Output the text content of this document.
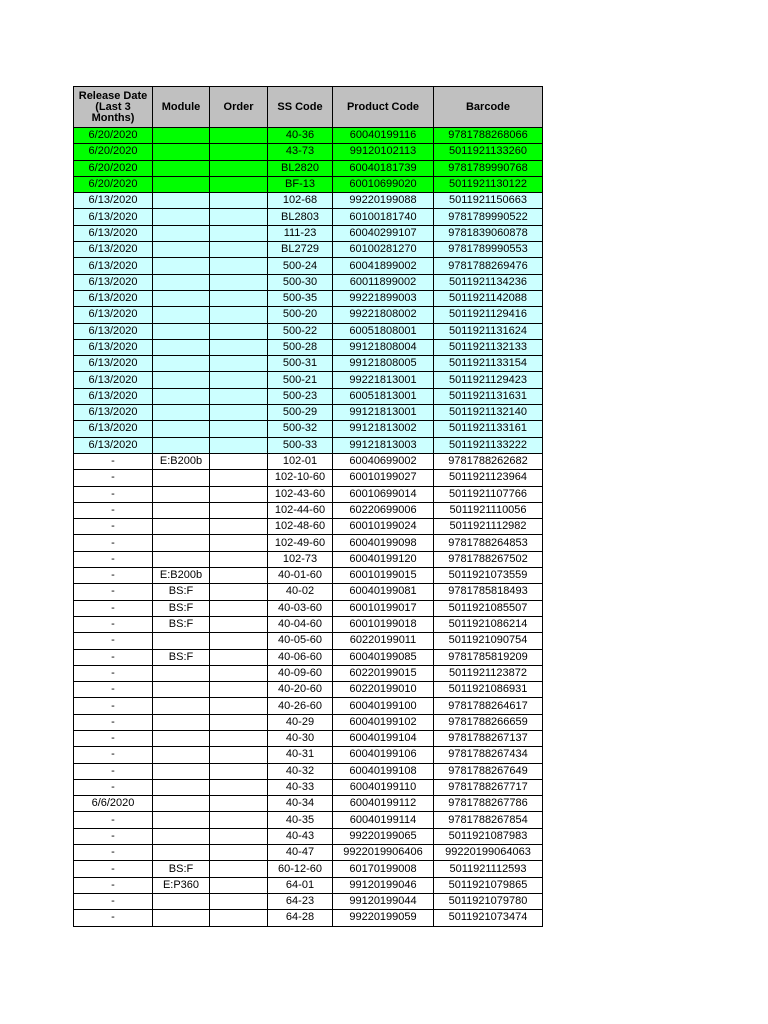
Release Date (Last 3 Months)	Module	Order	SS Code	Product Code	Barcode
6/20/2020			40-36	60040199116	9781788268066
6/20/2020			43-73	99120102113	5011921133260
6/20/2020			BL2820	60040181739	9781789990768
6/20/2020			BF-13	60010699020	5011921130122
6/13/2020			102-68	99220199088	5011921150663
6/13/2020			BL2803	60100181740	9781789990522
6/13/2020			111-23	60040299107	9781839060878
6/13/2020			BL2729	60100281270	9781789990553
6/13/2020			500-24	60041899002	9781788269476
6/13/2020			500-30	60011899002	5011921134236
6/13/2020			500-35	99221899003	5011921142088
6/13/2020			500-20	99221808002	5011921129416
6/13/2020			500-22	60051808001	5011921131624
6/13/2020			500-28	99121808004	5011921132133
6/13/2020			500-31	99121808005	5011921133154
6/13/2020			500-21	99221813001	5011921129423
6/13/2020			500-23	60051813001	5011921131631
6/13/2020			500-29	99121813001	5011921132140
6/13/2020			500-32	99121813002	5011921133161
6/13/2020			500-33	99121813003	5011921133222
-	E:B200b		102-01	60040699002	9781788262682
-			102-10-60	60010199027	5011921123964
-			102-43-60	60010699014	5011921107766
-			102-44-60	60220699006	5011921110056
-			102-48-60	60010199024	5011921112982
-			102-49-60	60040199098	9781788264853
-			102-73	60040199120	9781788267502
-	E:B200b		40-01-60	60010199015	5011921073559
-	BS:F		40-02	60040199081	9781785818493
-	BS:F		40-03-60	60010199017	5011921085507
-	BS:F		40-04-60	60010199018	5011921086214
-			40-05-60	60220199011	5011921090754
-	BS:F		40-06-60	60040199085	9781785819209
-			40-09-60	60220199015	5011921123872
-			40-20-60	60220199010	5011921086931
-			40-26-60	60040199100	9781788264617
-			40-29	60040199102	9781788266659
-			40-30	60040199104	9781788267137
-			40-31	60040199106	9781788267434
-			40-32	60040199108	9781788267649
-			40-33	60040199110	9781788267717
6/6/2020			40-34	60040199112	9781788267786
-			40-35	60040199114	9781788267854
-			40-43	99220199065	5011921087983
-			40-47	9922019906406	99220199064063
-	BS:F		60-12-60	60170199008	5011921112593
-	E:P360		64-01	99120199046	5011921079865
-			64-23	99120199044	5011921079780
-			64-28	99220199059	5011921073474
